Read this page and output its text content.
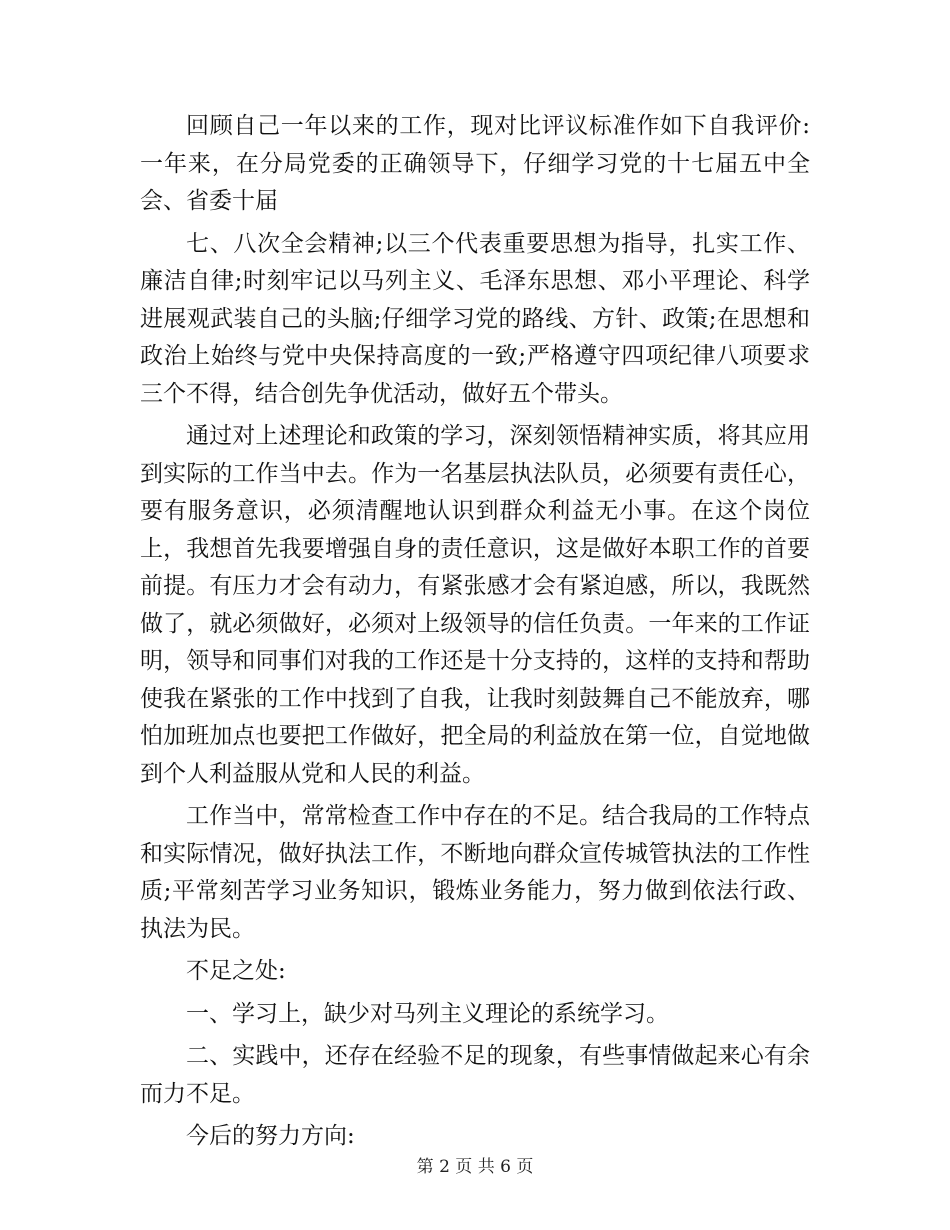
回顾自己一年以来的工作，现对比评议标准作如下自我评价:一年来，在分局党委的正确领导下，仔细学习党的十七届五中全会、省委十届

七、八次全会精神;以三个代表重要思想为指导，扎实工作、廉洁自律;时刻牢记以马列主义、毛泽东思想、邓小平理论、科学进展观武装自己的头脑;仔细学习党的路线、方针、政策;在思想和政治上始终与党中央保持高度的一致;严格遵守四项纪律八项要求三个不得，结合创先争优活动，做好五个带头。

通过对上述理论和政策的学习，深刻领悟精神实质，将其应用到实际的工作当中去。作为一名基层执法队员，必须要有责任心，要有服务意识，必须清醒地认识到群众利益无小事。在这个岗位上，我想首先我要增强自身的责任意识，这是做好本职工作的首要前提。有压力才会有动力，有紧张感才会有紧迫感，所以，我既然做了，就必须做好，必须对上级领导的信任负责。一年来的工作证明，领导和同事们对我的工作还是十分支持的，这样的支持和帮助使我在紧张的工作中找到了自我，让我时刻鼓舞自己不能放弃，哪怕加班加点也要把工作做好，把全局的利益放在第一位，自觉地做到个人利益服从党和人民的利益。

工作当中，常常检查工作中存在的不足。结合我局的工作特点和实际情况，做好执法工作，不断地向群众宣传城管执法的工作性质;平常刻苦学习业务知识，锻炼业务能力，努力做到依法行政、执法为民。

不足之处:

一、学习上，缺少对马列主义理论的系统学习。

二、实践中，还存在经验不足的现象，有些事情做起来心有余而力不足。

今后的努力方向:

第 2 页 共 6 页
